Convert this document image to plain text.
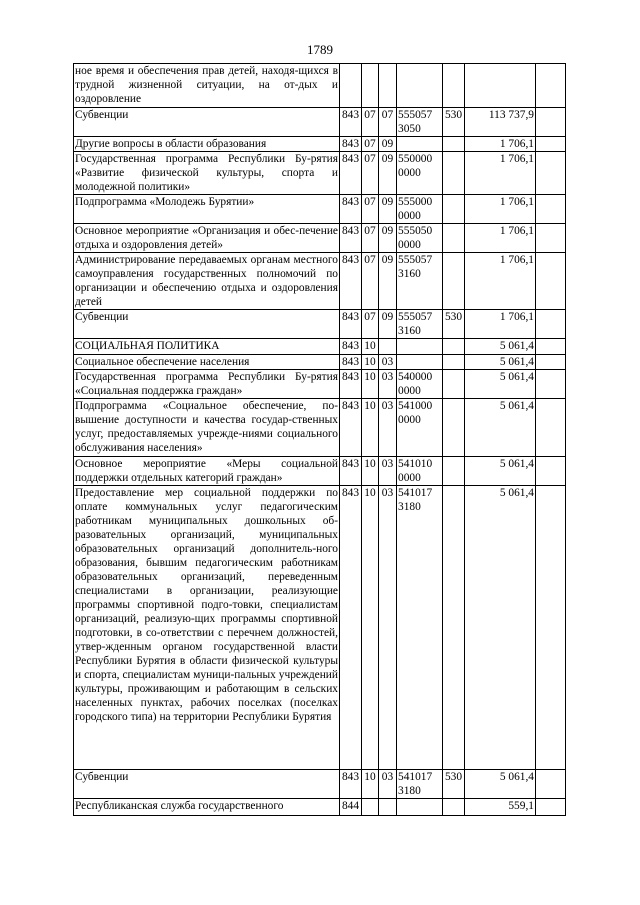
1789
ное время и обеспечения прав детей, находя-щихся в трудной жизненной ситуации, на от-дых и оздоровление							
Субвенции	843	07	07	555057 3050	530	113 737,9	
Другие вопросы в области образования	843	07	09			1 706,1	
Государственная программа Республики Бу-рятия «Развитие физической культуры, спорта и молодежной политики»	843	07	09	550000 0000		1 706,1	
Подпрограмма «Молодежь Бурятии»	843	07	09	555000 0000		1 706,1	
Основное мероприятие «Организация и обес-печение отдыха и оздоровления детей»	843	07	09	555050 0000		1 706,1	
Администрирование передаваемых органам местного самоуправления государственных полномочий по организации и обеспечению отдыха и оздоровления детей	843	07	09	555057 3160		1 706,1	
Субвенции	843	07	09	555057 3160	530	1 706,1	
СОЦИАЛЬНАЯ ПОЛИТИКА	843	10				5 061,4	
Социальное обеспечение населения	843	10	03			5 061,4	
Государственная программа Республики Бу-рятия «Социальная поддержка граждан»	843	10	03	540000 0000		5 061,4	
Подпрограмма «Социальное обеспечение, по-вышение доступности и качества государ-ственных услуг, предоставляемых учрежде-ниями социального обслуживания населения»	843	10	03	541000 0000		5 061,4	
Основное мероприятие «Меры социальной поддержки отдельных категорий граждан»	843	10	03	541010 0000		5 061,4	
Предоставление мер социальной поддержки по оплате коммунальных услуг педагогическим работникам муниципальных дошкольных об-разовательных организаций, муниципальных образовательных организаций дополнитель-ного образования, бывшим педагогическим работникам образовательных организаций, переведенным специалистами в организации, реализующие программы спортивной подго-товки, специалистам организаций, реализую-щих программы спортивной подготовки, в со-ответствии с перечнем должностей, утвер-жденным органом государственной власти Республики Бурятия в области физической культуры и спорта, специалистам муници-пальных учреждений культуры, проживающим и работающим в сельских населенных пунктах, рабочих поселках (поселках городского типа) на территории Республики Бурятия	843	10	03	541017 3180		5 061,4	
Субвенции	843	10	03	541017 3180	530	5 061,4	
Республиканская служба государственного	844					559,1	
